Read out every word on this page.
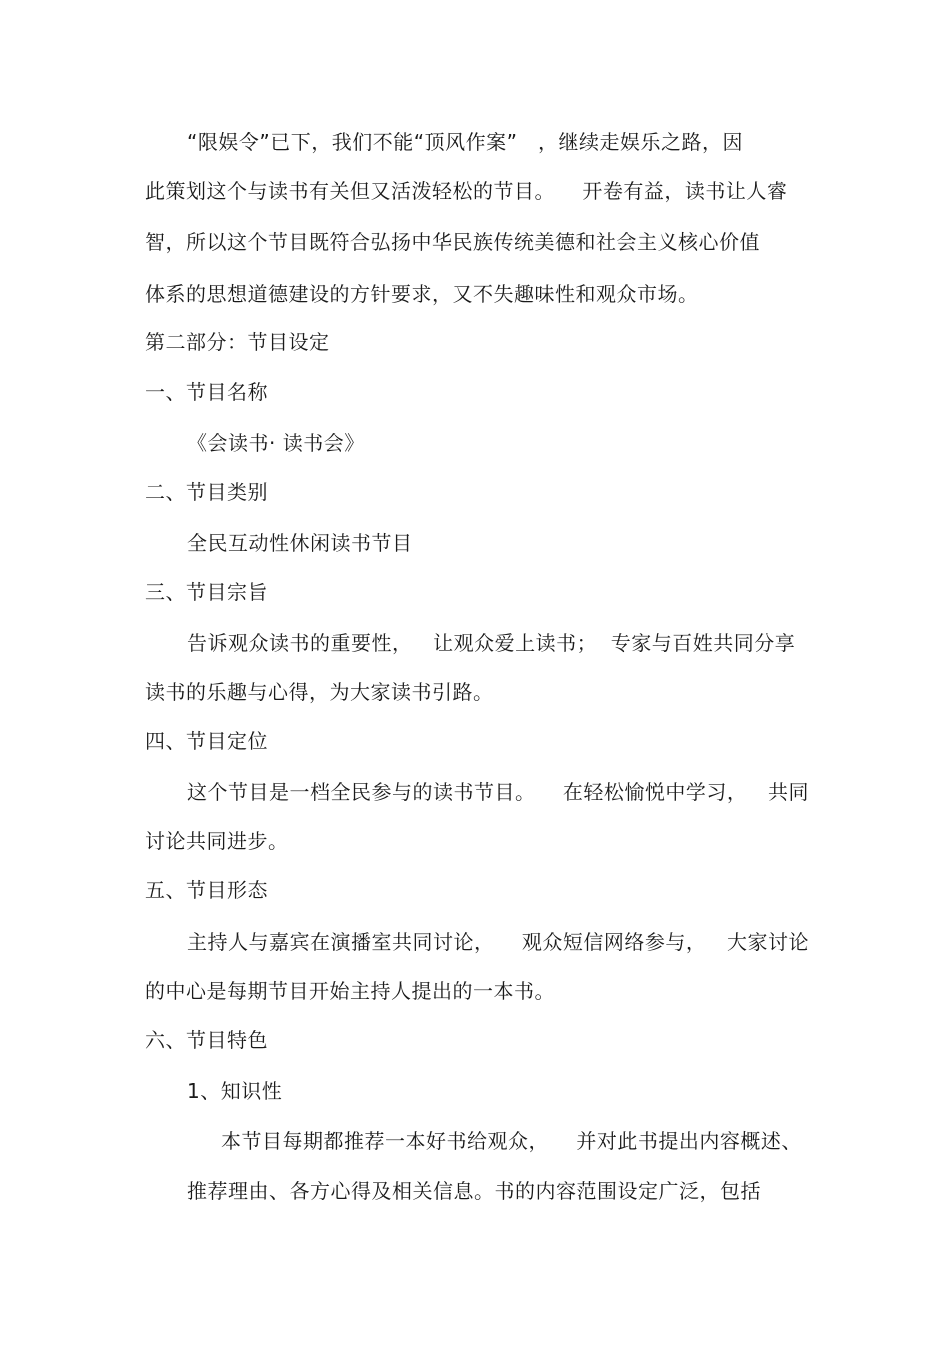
“限娱令”已下，我们不能“顶风作案”   ，继续走娱乐之路，因
此策划这个与读书有关但又活泼轻松的节目。    开卷有益，读书让人睿
智，所以这个节目既符合弘扬中华民族传统美德和社会主义核心价值
体系的思想道德建设的方针要求，又不失趣味性和观众市场。
第二部分：节目设定
一、节目名称
《会读书· 读书会》
二、节目类别
全民互动性休闲读书节目
三、节目宗旨
告诉观众读书的重要性，   让观众爱上读书；  专家与百姓共同分享
读书的乐趣与心得，为大家读书引路。
四、节目定位
这个节目是一档全民参与的读书节目。    在轻松愉悦中学习，   共同
讨论共同进步。
五、节目形态
主持人与嘉宾在演播室共同讨论，    观众短信网络参与，   大家讨论
的中心是每期节目开始主持人提出的一本书。
六、节目特色
1、知识性
本节目每期都推荐一本好书给观众，    并对此书提出内容概述、
推荐理由、各方心得及相关信息。书的内容范围设定广泛，包括
